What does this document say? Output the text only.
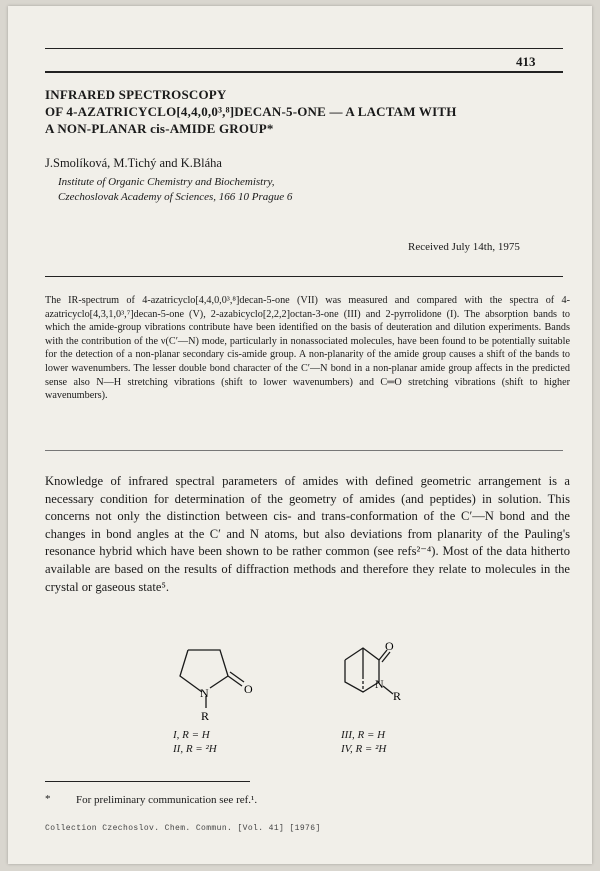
413
INFRARED SPECTROSCOPY
OF 4-AZATRICYCLO[4,4,0,0³,⁸]DECAN-5-ONE — A LACTAM WITH
A NON-PLANAR cis-AMIDE GROUP*
J.Smolíková, M.Tichý and K.Bláha
Institute of Organic Chemistry and Biochemistry,
Czechoslovak Academy of Sciences, 166 10 Prague 6
Received July 14th, 1975
The IR-spectrum of 4-azatricyclo[4,4,0,0³,⁸]decan-5-one (VII) was measured and compared with the spectra of 4-azatricyclo[4,3,1,0³,⁷]decan-5-one (V), 2-azabicyclo[2,2,2]octan-3-one (III) and 2-pyrrolidone (I). The absorption bands to which the amide-group vibrations contribute have been identified on the basis of deuteration and dilution experiments. Bands with the contribution of the ν(C′—N) mode, particularly in nonassociated molecules, have been found to be potentially suitable for the detection of a non-planar secondary cis-amide group. A non-planarity of the amide group causes a shift of the bands to lower wavenumbers. The lesser double bond character of the C′—N bond in a non-planar amide group affects in the predicted sense also N—H stretching vibrations (shift to lower wavenumbers) and C═O stretching vibrations (shift to higher wavenumbers).
Knowledge of infrared spectral parameters of amides with defined geometric arrangement is a necessary condition for determination of the geometry of amides (and peptides) in solution. This concerns not only the distinction between cis- and trans-conformation of the C′—N bond and the changes in bond angles at the C′ and N atoms, but also deviations from planarity of the Pauling's resonance hybrid which have been shown to be rather common (see refs²⁻⁴). Most of the data hitherto available are based on the results of diffraction methods and therefore they relate to molecules in the crystal or gaseous state⁵.
N	O
R
I, R = H
II, R = ²H
N
O
R
III, R = H
IV, R = ²H
* For preliminary communication see ref.¹.
Collection Czechoslov. Chem. Commun. [Vol. 41] [1976]
